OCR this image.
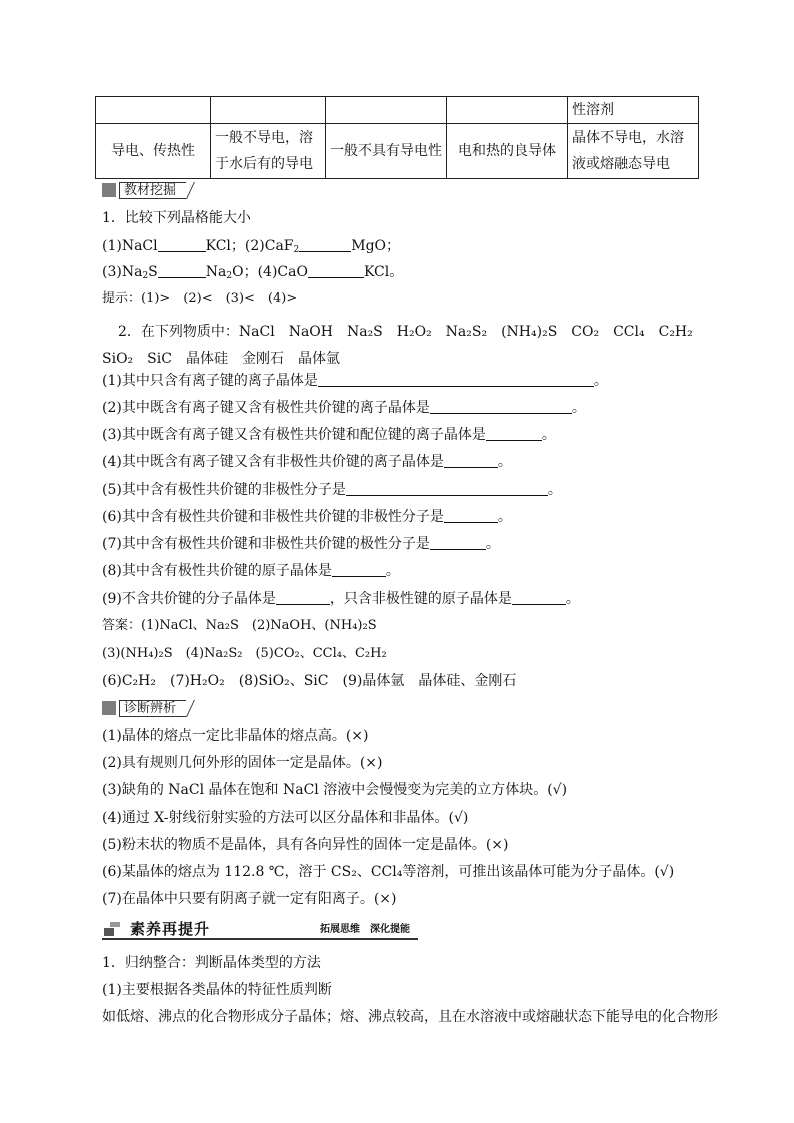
				性溶剂
导电、传热性	一般不导电，溶于水后有的导电	一般不具有导电性	电和热的良导体	晶体不导电，水溶液或熔融态导电
教材挖掘
1．比较下列晶格能大小
(1)NaCl	KCl；(2)CaF$_2$	MgO；
$(3)Na_2S$	$Na_2O$；(4)CaO	KCl。
提示：(1)>　(2)<　(3)<　(4)>
2．在下列物质中：NaCl　NaOH　Na₂S　H₂O₂　Na₂S₂　(NH₄)₂S　CO₂　CCl₄　C₂H₂　SiO₂　SiC　晶体硅　金刚石　晶体氩
(1)其中只含有离子键的离子晶体是	。
(2)其中既含有离子键又含有极性共价键的离子晶体是	。
(3)其中既含有离子键又含有极性共价键和配位键的离子晶体是	。
(4)其中既含有离子键又含有非极性共价键的离子晶体是	。
(5)其中含有极性共价键的非极性分子是	。
(6)其中含有极性共价键和非极性共价键的非极性分子是	。
(7)其中含有极性共价键和非极性共价键的极性分子是	。
(8)其中含有极性共价键的原子晶体是	。
(9)不含共价键的分子晶体是	，只含非极性键的原子晶体是	。
答案：(1)NaCl、Na₂S　(2)NaOH、(NH₄)₂S
(3)(NH₄)₂S　(4)Na₂S₂　(5)CO₂、CCl₄、C₂H₂
(6)C₂H₂　(7)H₂O₂　(8)SiO₂、SiC　(9)晶体氩　晶体硅、金刚石
诊断辨析
(1)晶体的熔点一定比非晶体的熔点高。(×)
(2)具有规则几何外形的固体一定是晶体。(×)
(3)缺角的 NaCl 晶体在饱和 NaCl 溶液中会慢慢变为完美的立方体块。(√)
(4)通过 X-射线衍射实验的方法可以区分晶体和非晶体。(√)
(5)粉末状的物质不是晶体，具有各向异性的固体一定是晶体。(×)
(6)某晶体的熔点为 112.8 ℃，溶于 CS₂、CCl₄等溶剂，可推出该晶体可能为分子晶体。(√)
(7)在晶体中只要有阴离子就一定有阳离子。(×)
素养再提升	拓展思维　深化提能
1．归纳整合：判断晶体类型的方法
(1)主要根据各类晶体的特征性质判断
如低熔、沸点的化合物形成分子晶体；熔、沸点较高，且在水溶液中或熔融状态下能导电的化合物形
